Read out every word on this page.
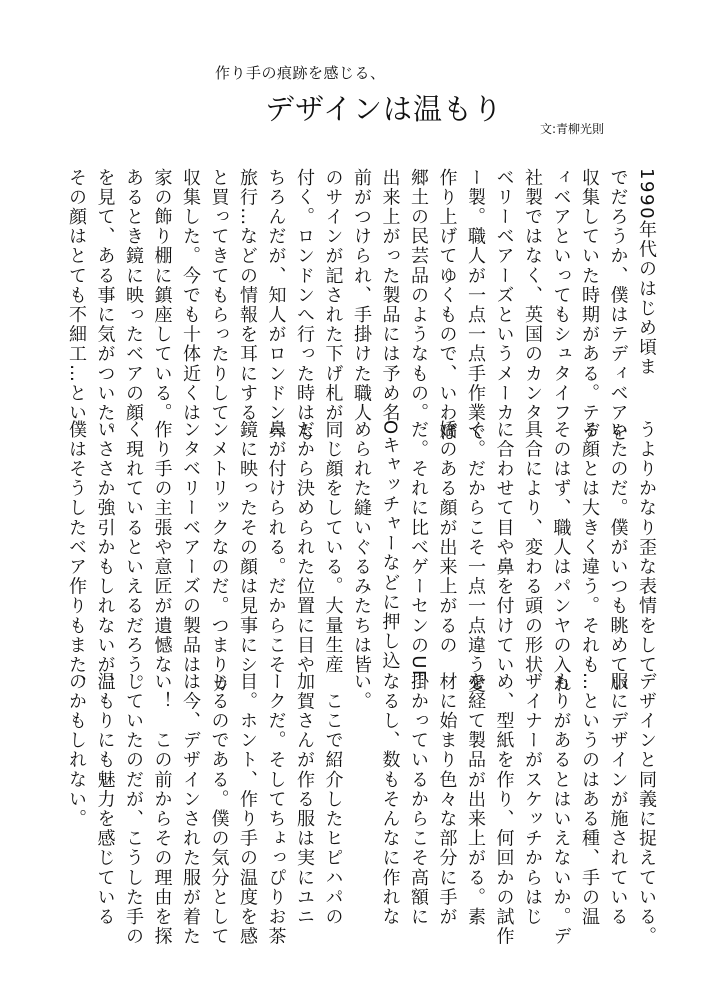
作り手の痕跡を感じる、
デザインは温もり
文:青柳光則
1990年代のはじめ頃ま
でだろうか、僕はテディベアを
収集していた時期がある。テデ
ィベアといってもシュタイフ
社製ではなく、英国のカンタ
ベリーベアーズというメーカ
ー製。職人が一点一点手作業で
作り上げてゆくもので、いわば
郷土の民芸品のようなもの。
出来上がった製品には予め名
前がつけられ、手掛けた職人
のサインが記された下げ札が
付く。ロンドンへ行った時はも
ちろんだが、知人がロンドンへ
旅行…などの情報を耳にする
と買ってきてもらったりして
収集した。今でも十体近くは
家の飾り棚に鎮座している。
あるとき鏡に映ったベアの顔
を見て、ある事に気がついた。
その顔はとても不細工…とい
うよりかなり歪な表情をして
いたのだ。僕がいつも眺めてい
る顔とは大きく違う。それも
そのはず、職人はパンヤの入れ
具合により、変わる頭の形状
に合わせて目や鼻を付けてい
く。だからこそ一点一点違う愛
嬌のある顔が出来上がるの
だ。それに比べゲーセンのUF
Oキャッチャーなどに押し込
められた縫いぐるみたちは皆
同じ顔をしている。大量生産
だから決められた位置に目や
鼻が付けられる。だからこそ
鏡に映ったその顔は見事にシ
ンメトリックなのだ。つまりカ
ンタベリーベアーズの製品は
作り手の主張や意匠が遺憾な
く現れているといえるだろう。
いささか強引かもしれないが、
僕はそうしたベア作りもまた、
デザインと同義に捉えている。
服にデザインが施されている
…というのはある種、手の温
もりがあるとはいえないか。デ
ザイナーがスケッチからはじ
め、型紙を作り、何回かの試作
を経て製品が出来上がる。素
材に始まり色々な部分に手が
掛かっているからこそ高額に
なるし、数もそんなに作れな
い。
　ここで紹介したヒピハパの
加賀さんが作る服は実にユニ
ークだ。そしてちょっぴりお茶
目。ホント、作り手の温度を感
じるのである。僕の気分として
は今、デザインされた服が着た
い！　この前からその理由を探
していたのだが、こうした手の
温もりにも魅力を感じている
のかもしれない。
